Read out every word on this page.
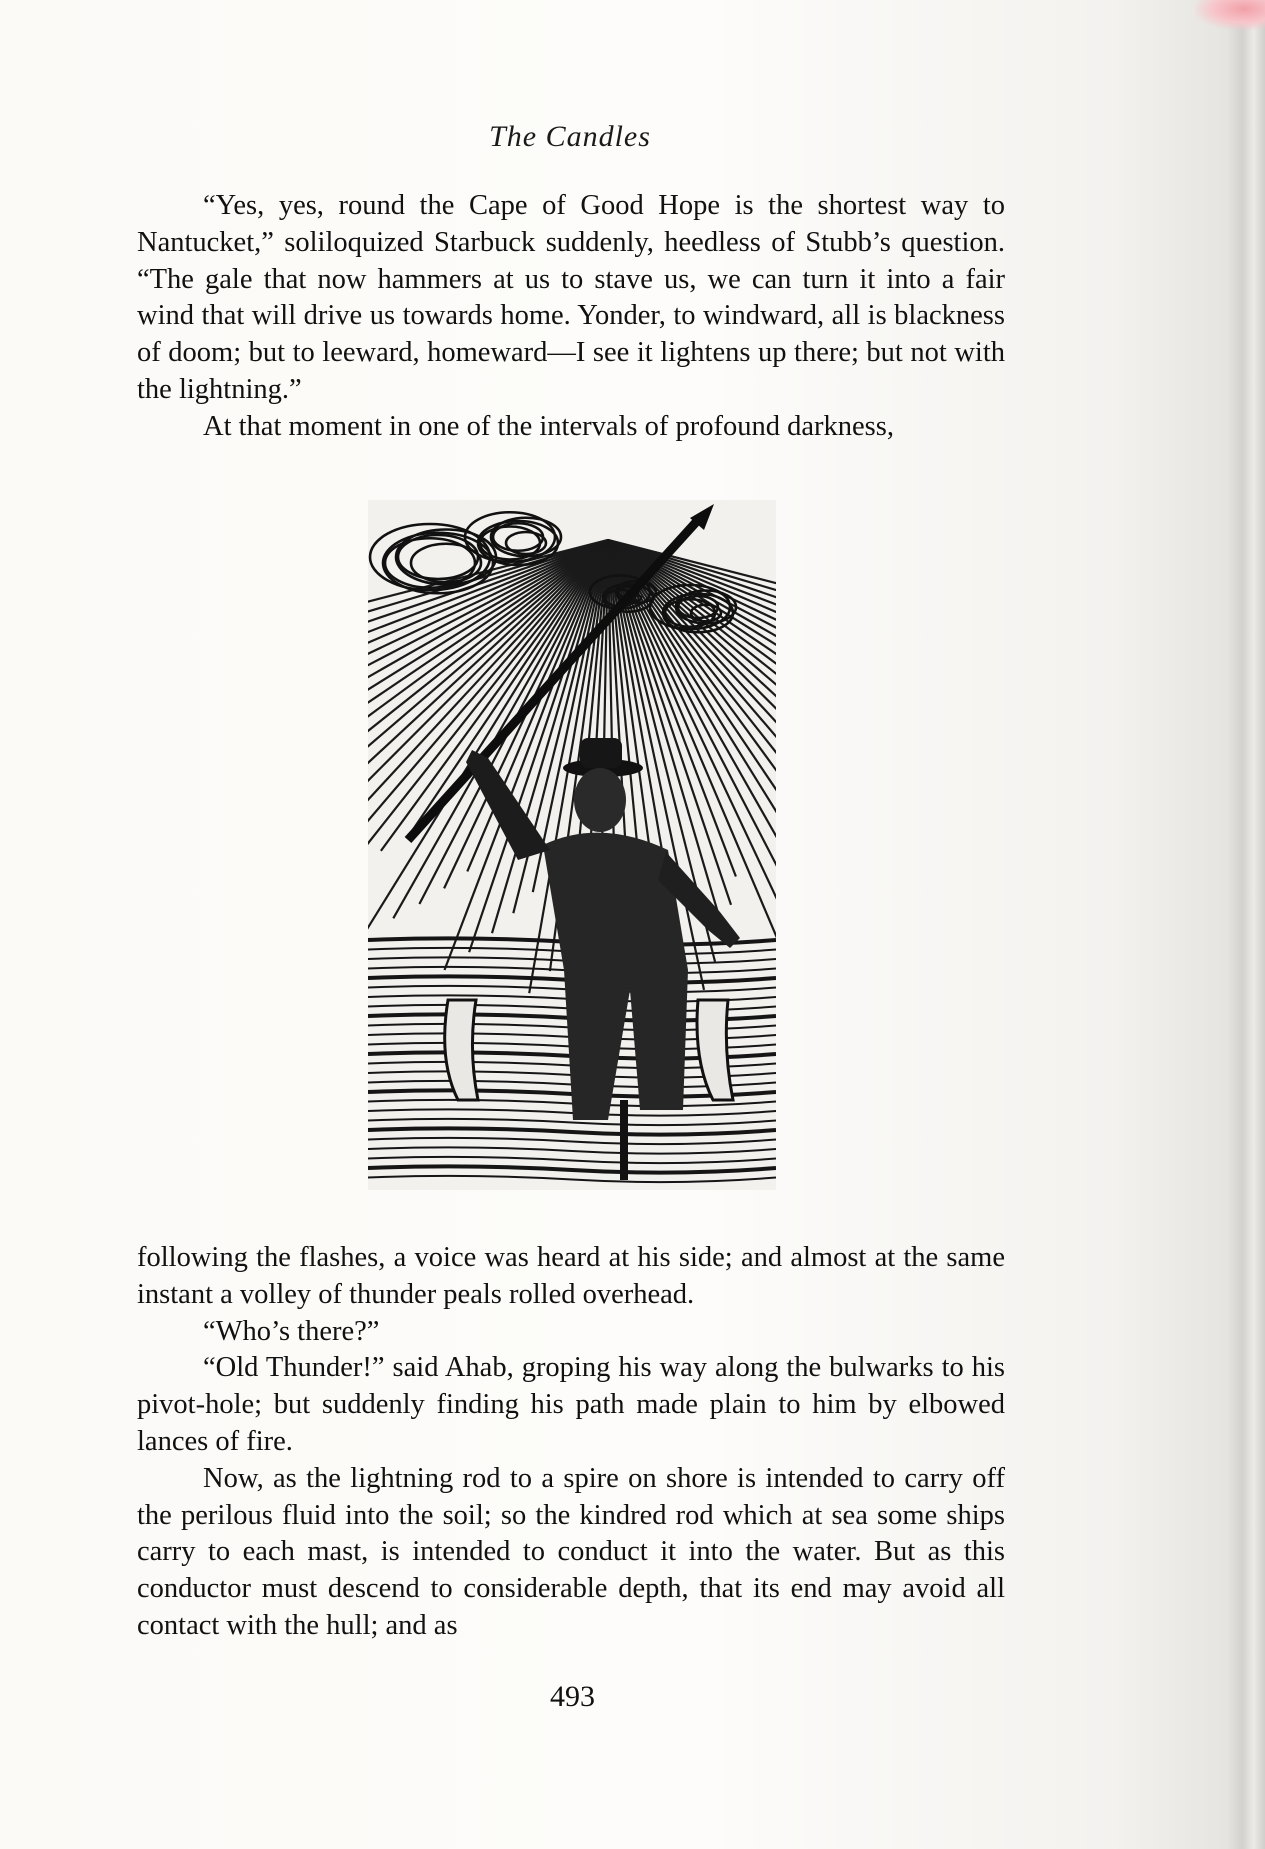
The Candles

“Yes, yes, round the Cape of Good Hope is the shortest way to Nantucket,” soliloquized Starbuck suddenly, heedless of Stubb’s question. “The gale that now hammers at us to stave us, we can turn it into a fair wind that will drive us towards home. Yonder, to windward, all is blackness of doom; but to leeward, homeward—I see it lightens up there; but not with the lightning.”

At that moment in one of the intervals of profound darkness,

following the flashes, a voice was heard at his side; and almost at the same instant a volley of thunder peals rolled overhead.

“Who’s there?”

“Old Thunder!” said Ahab, groping his way along the bulwarks to his pivot-hole; but suddenly finding his path made plain to him by elbowed lances of fire.

Now, as the lightning rod to a spire on shore is intended to carry off the perilous fluid into the soil; so the kindred rod which at sea some ships carry to each mast, is intended to conduct it into the water. But as this conductor must descend to considerable depth, that its end may avoid all contact with the hull; and as

493
